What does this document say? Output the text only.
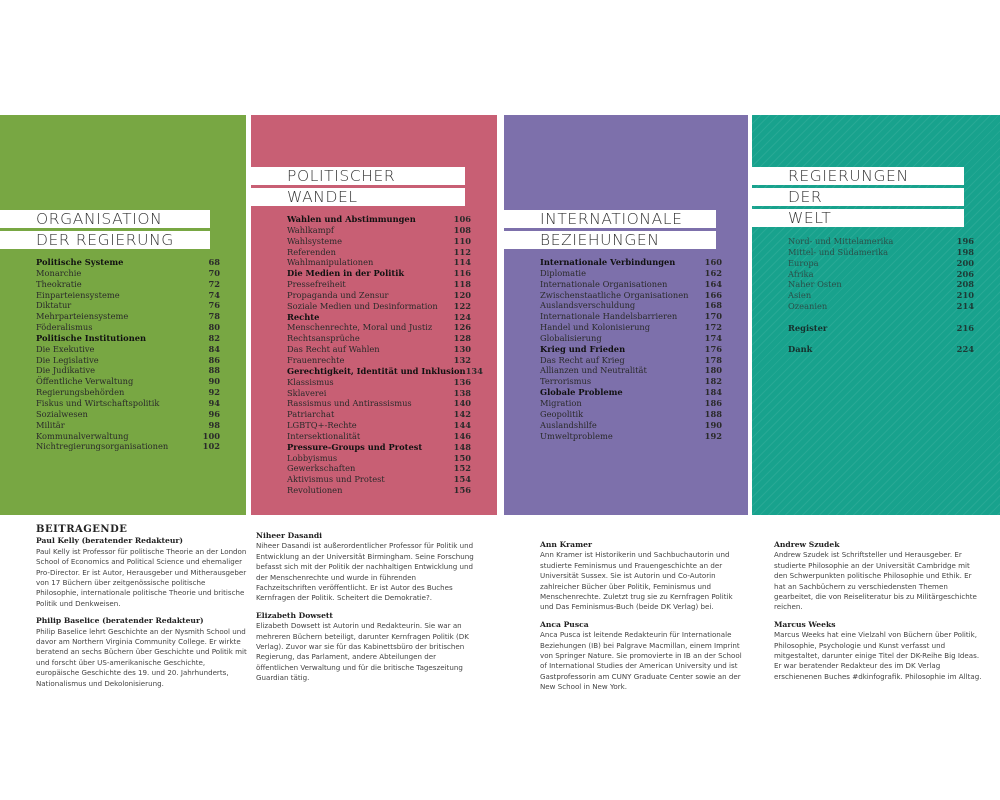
ORGANISATION
DER REGIERUNG
Politische Systeme	68
Monarchie	70
Theokratie	72
Einparteiensysteme	74
Diktatur	76
Mehrparteiensysteme	78
Föderalismus	80
Politische Institutionen	82
Die Exekutive	84
Die Legislative	86
Die Judikative	88
Öffentliche Verwaltung	90
Regierungsbehörden	92
Fiskus und Wirtschaftspolitik	94
Sozialwesen	96
Militär	98
Kommunalverwaltung	100
Nichtregierungsorganisationen	102
POLITISCHER
WANDEL
Wahlen und Abstimmungen	106
Wahlkampf	108
Wahlsysteme	110
Referenden	112
Wahlmanipulationen	114
Die Medien in der Politik	116
Pressefreiheit	118
Propaganda und Zensur	120
Soziale Medien und Desinformation 122
Rechte	124
Menschenrechte, Moral und Justiz	126
Rechtsansprüche	128
Das Recht auf Wahlen	130
Frauenrechte	132
Gerechtigkeit, Identität und Inklusion 134
Klassismus	136
Sklaverei	138
Rassismus und Antirassismus	140
Patriarchat	142
LGBTQ+-Rechte	144
Intersektionalität	146
Pressure-Groups und Protest	148
Lobbyismus	150
Gewerkschaften	152
Aktivismus und Protest	154
Revolutionen	156
INTERNATIONALE
BEZIEHUNGEN
Internationale Verbindungen	160
Diplomatie	162
Internationale Organisationen	164
Zwischenstaatliche Organisationen 166
Auslandsverschuldung	168
Internationale Handelsbarrieren	170
Handel und Kolonisierung	172
Globalisierung	174
Krieg und Frieden	176
Das Recht auf Krieg	178
Allianzen und Neutralität	180
Terrorismus	182
Globale Probleme	184
Migration	186
Geopolitik	188
Auslandshilfe	190
Umweltprobleme	192
REGIERUNGEN
DER
WELT
Nord- und Mittelamerika	196
Mittel- und Südamerika	198
Europa	200
Afrika	206
Naher Osten	208
Asien	210
Ozeanien	214
Register	216
Dank	224
BEITRAGENDE
Paul Kelly (beratender Redakteur)
Paul Kelly ist Professor für politische Theorie an der London School of Economics and Political Science und ehemaliger Pro-Director. Er ist Autor, Herausgeber und Mitherausgeber von 17 Büchern über zeitgenössische politische Philosophie, internationale politische Theorie und britische Politik und Denkweisen.
Philip Baselice (beratender Redakteur)
Philip Baselice lehrt Geschichte an der Nysmith School und davor am Northern Virginia Community College. Er wirkte beratend an sechs Büchern über Geschichte und Politik mit und forscht über US-amerikanische Geschichte, europäische Geschichte des 19. und 20. Jahrhunderts, Nationalismus und Dekolonisierung.
Niheer Dasandi
Niheer Dasandi ist außerordentlicher Professor für Politik und Entwicklung an der Universität Birmingham. Seine Forschung befasst sich mit der Politik der nachhaltigen Entwicklung und der Menschenrechte und wurde in führenden Fachzeitschriften veröffentlicht. Er ist Autor des Buches Kernfragen der Politik. Scheitert die Demokratie?.
Elizabeth Dowsett
Elizabeth Dowsett ist Autorin und Redakteurin. Sie war an mehreren Büchern beteiligt, darunter Kernfragen Politik (DK Verlag). Zuvor war sie für das Kabinettsbüro der britischen Regierung, das Parlament, andere Abteilungen der öffentlichen Verwaltung und für die britische Tageszeitung Guardian tätig.
Ann Kramer
Ann Kramer ist Historikerin und Sachbuchautorin und studierte Feminismus und Frauengeschichte an der Universität Sussex. Sie ist Autorin und Co-Autorin zahlreicher Bücher über Politik, Feminismus und Menschenrechte. Zuletzt trug sie zu Kernfragen Politik und Das Feminismus-Buch (beide DK Verlag) bei.
Anca Pusca
Anca Pusca ist leitende Redakteurin für Internationale Beziehungen (IB) bei Palgrave Macmillan, einem Imprint von Springer Nature. Sie promovierte in IB an der School of International Studies der American University und ist Gastprofessorin am CUNY Graduate Center sowie an der New School in New York.
Andrew Szudek
Andrew Szudek ist Schriftsteller und Herausgeber. Er studierte Philosophie an der Universität Cambridge mit den Schwerpunkten politische Philosophie und Ethik. Er hat an Sachbüchern zu verschiedensten Themen gearbeitet, die von Reiseliteratur bis zu Militärgeschichte reichen.
Marcus Weeks
Marcus Weeks hat eine Vielzahl von Büchern über Politik, Philosophie, Psychologie und Kunst verfasst und mitgestaltet, darunter einige Titel der DK-Reihe Big Ideas. Er war beratender Redakteur des im DK Verlag erschienenen Buches #dkinfografik. Philosophie im Alltag.
